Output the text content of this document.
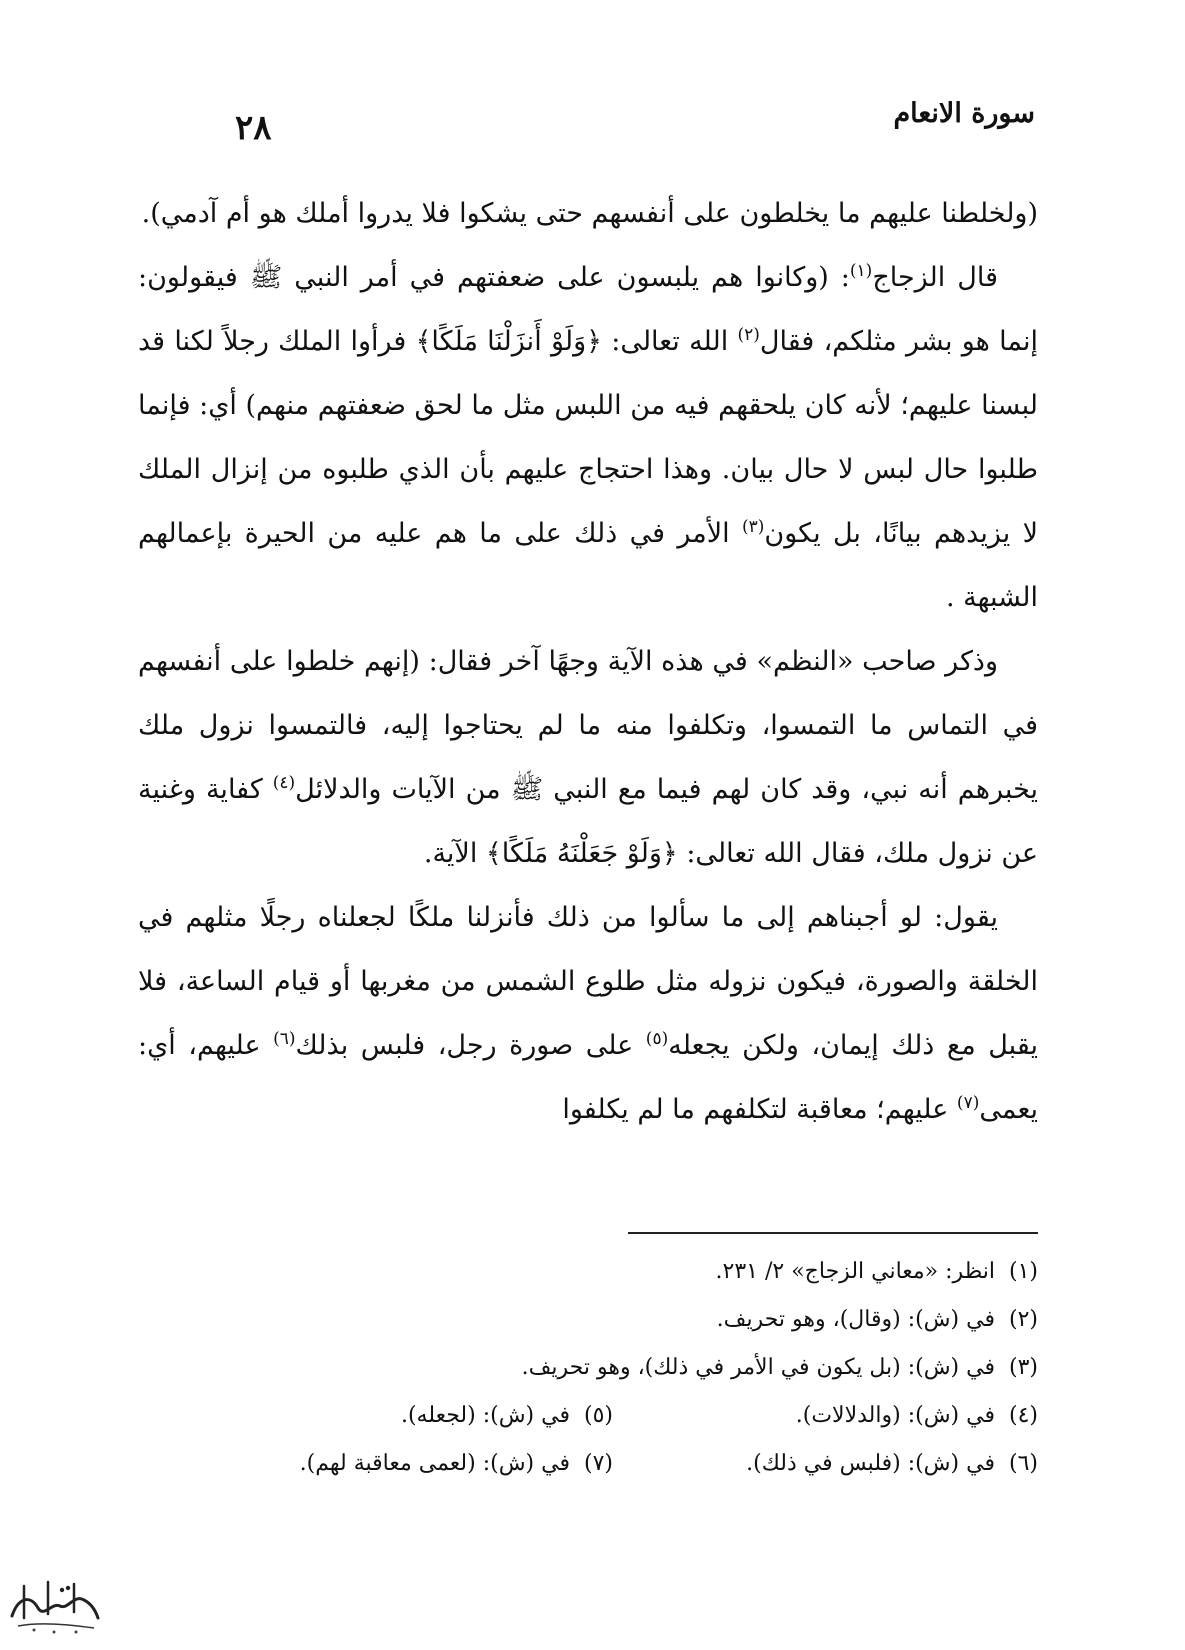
سورة الانعام
٢٨

(ولخلطنا عليهم ما يخلطون على أنفسهم حتى يشكوا فلا يدروا أملك هو أم آدمي).

قال الزجاج$^{(١)}$: (وكانوا هم يلبسون على ضعفتهم في أمر النبي ﷺ فيقولون: إنما هو بشر مثلكم، فقال$^{(٢)}$ الله تعالى: ﴿وَلَوْ أَنزَلْنَا مَلَكًا﴾ فرأوا الملك رجلاً لكنا قد لبسنا عليهم؛ لأنه كان يلحقهم فيه من اللبس مثل ما لحق ضعفتهم منهم) أي: فإنما طلبوا حال لبس لا حال بيان. وهذا احتجاج عليهم بأن الذي طلبوه من إنزال الملك لا يزيدهم بيانًا، بل يكون$^{(٣)}$ الأمر في ذلك على ما هم عليه من الحيرة بإعمالهم الشبهة .

وذكر صاحب «النظم» في هذه الآية وجهًا آخر فقال: (إنهم خلطوا على أنفسهم في التماس ما التمسوا، وتكلفوا منه ما لم يحتاجوا إليه، فالتمسوا نزول ملك يخبرهم أنه نبي، وقد كان لهم فيما مع النبي ﷺ من الآيات والدلائل$^{(٤)}$ كفاية وغنية عن نزول ملك، فقال الله تعالى: ﴿وَلَوْ جَعَلْنَهُ مَلَكًا﴾ الآية.

يقول: لو أجبناهم إلى ما سألوا من ذلك فأنزلنا ملكًا لجعلناه رجلًا مثلهم في الخلقة والصورة، فيكون نزوله مثل طلوع الشمس من مغربها أو قيام الساعة، فلا يقبل مع ذلك إيمان، ولكن يجعله$^{(٥)}$ على صورة رجل، فلبس بذلك$^{(٦)}$ عليهم، أي: يعمى$^{(٧)}$ عليهم؛ معاقبة لتكلفهم ما لم يكلفوا

(١)
انظر: «معاني الزجاج» ٢/ ٢٣١.
(٢)
في (ش): (وقال)، وهو تحريف.
(٣)
في (ش): (بل يكون في الأمر في ذلك)، وهو تحريف.
(٤)في (ش): (والدلالات).
(٥)في (ش): (لجعله).
(٦)في (ش): (فلبس في ذلك).
(٧)في (ش): (لعمى معاقبة لهم).
